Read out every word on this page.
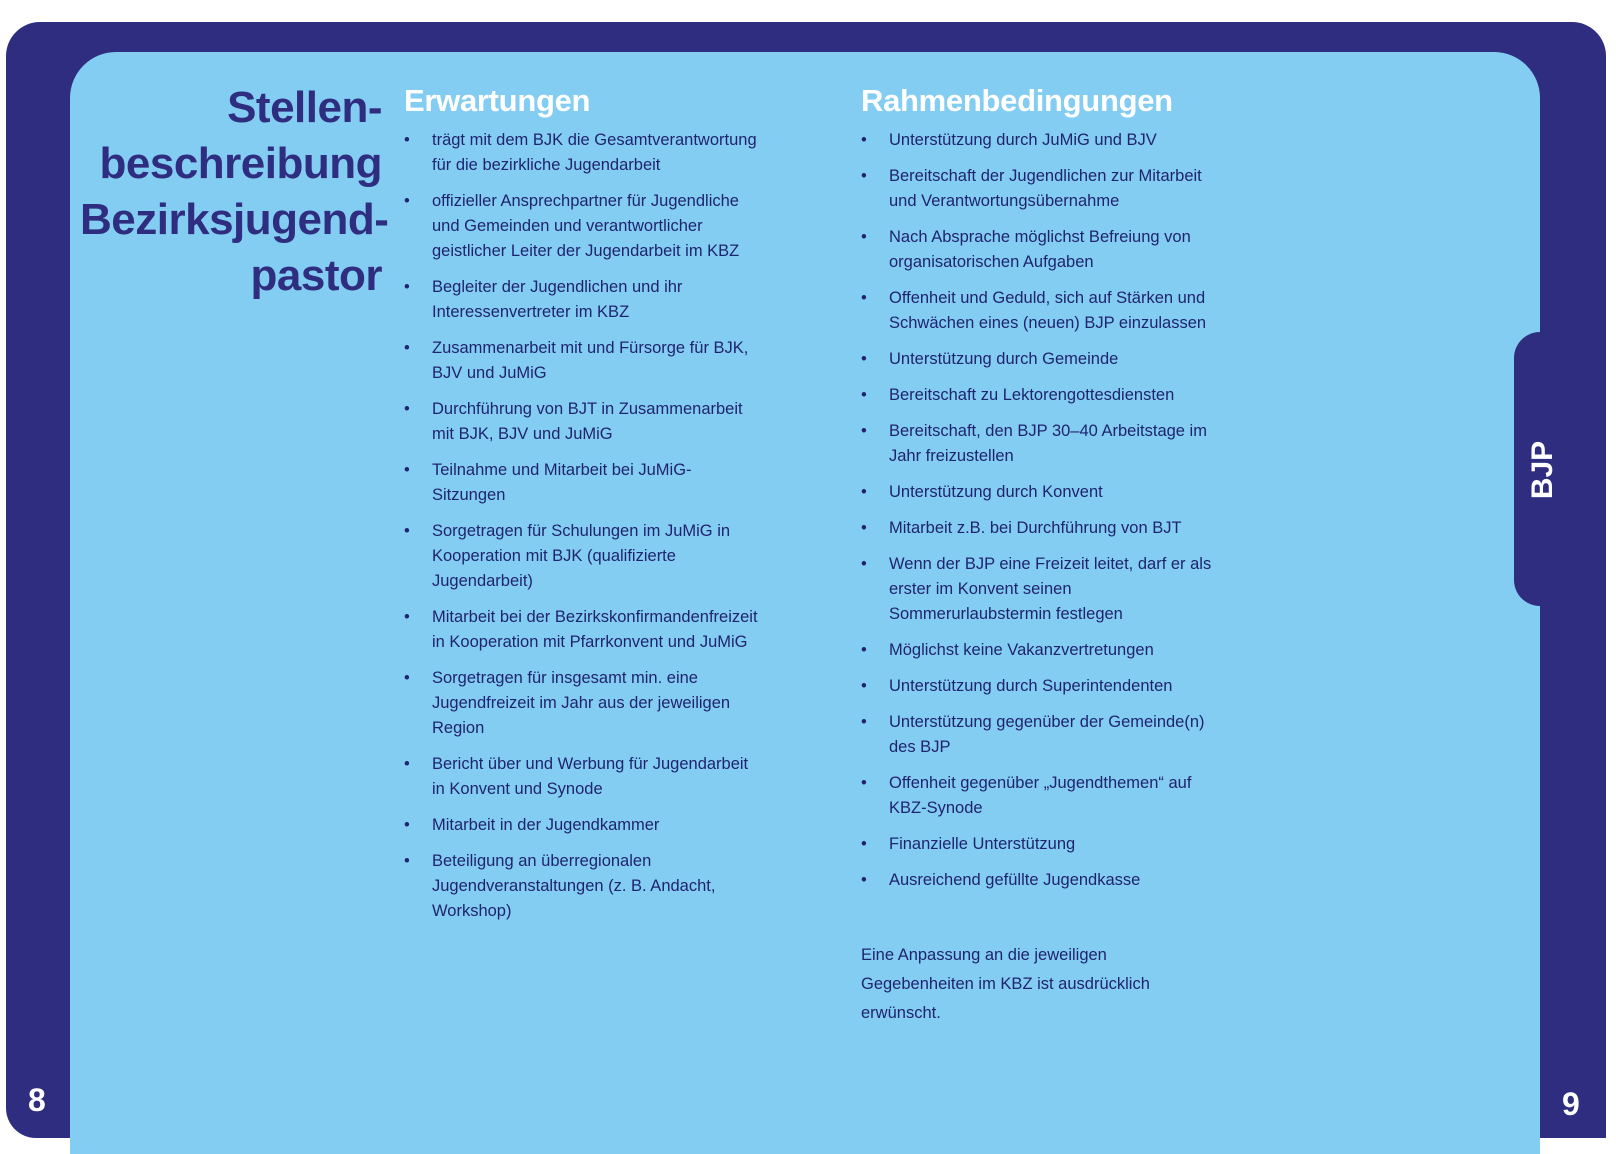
BJP
Stellen-
beschreibung
Bezirksjugend-
pastor
Erwartungen
• trägt mit dem BJK die Gesamtverantwortung für die bezirkliche Jugendarbeit
• offizieller Ansprechpartner für Jugendliche und Gemeinden und verantwortlicher geistlicher Leiter der Jugendarbeit im KBZ
• Begleiter der Jugendlichen und ihr Interessenvertreter im KBZ
• Zusammenarbeit mit und Fürsorge für BJK, BJV und JuMiG
• Durchführung von BJT in Zusammenarbeit mit BJK, BJV und JuMiG
• Teilnahme und Mitarbeit bei JuMiG-Sitzungen
• Sorgetragen für Schulungen im JuMiG in Kooperation mit BJK (qualifizierte Jugendarbeit)
• Mitarbeit bei der Bezirkskonfirmandenfreizeit in Kooperation mit Pfarrkonvent und JuMiG
• Sorgetragen für insgesamt min. eine Jugendfreizeit im Jahr aus der jeweiligen Region
• Bericht über und Werbung für Jugendarbeit in Konvent und Synode
• Mitarbeit in der Jugendkammer
• Beteiligung an überregionalen Jugendveranstaltungen (z. B. Andacht, Workshop)
Rahmenbedingungen
• Unterstützung durch JuMiG und BJV
• Bereitschaft der Jugendlichen zur Mitarbeit und Verantwortungsübernahme
• Nach Absprache möglichst Befreiung von organisatorischen Aufgaben
• Offenheit und Geduld, sich auf Stärken und Schwächen eines (neuen) BJP einzulassen
• Unterstützung durch Gemeinde
• Bereitschaft zu Lektorengottesdiensten
• Bereitschaft, den BJP 30–40 Arbeitstage im Jahr freizustellen
• Unterstützung durch Konvent
• Mitarbeit z.B. bei Durchführung von BJT
• Wenn der BJP eine Freizeit leitet, darf er als erster im Konvent seinen Sommerurlaubstermin festlegen
• Möglichst keine Vakanzvertretungen
• Unterstützung durch Superintendenten
• Unterstützung gegenüber der Gemeinde(n) des BJP
• Offenheit gegenüber „Jugendthemen“ auf KBZ-Synode
• Finanzielle Unterstützung
• Ausreichend gefüllte Jugendkasse
Eine Anpassung an die jeweiligen Gegebenheiten im KBZ ist ausdrücklich erwünscht.
8	9
